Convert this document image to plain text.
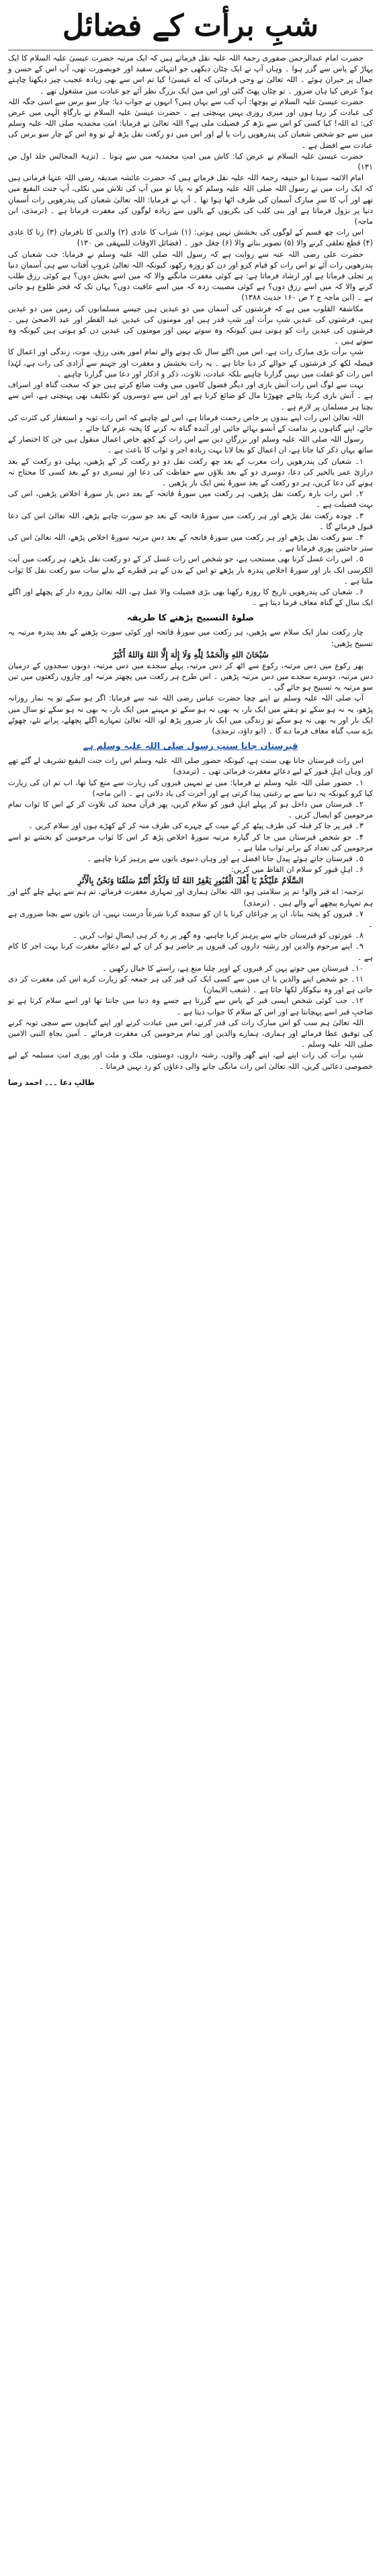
شبِ برأت کے فضائل

حضرت امام عبدالرحمن صفوری رحمۃ اللہ علیہ نقل فرماتے ہیں کہ ایک مرتبہ حضرت عیسیٰ علیہ السلام کا ایک پہاڑ کے پاس سے گزر ہوا ۔ وہاں آپ نے ایک چٹان دیکھی جو انتہائی سفید اور خوبصورت تھی، آپ اس کے حسن و جمال پر حیران ہوئے ۔ اللہ تعالیٰ نے وحی فرمائی کہ اے عیسیٰ! کیا تم اس سے بھی زیادہ عجیب چیز دیکھنا چاہتے ہو؟ عرض کیا ہاں ضرور ۔ تو چٹان پھٹ گئی اور اس میں ایک بزرگ نظر آئے جو عبادت میں مشغول تھے ۔

حضرت عیسیٰ علیہ السلام نے پوچھا: آپ کب سے یہاں ہیں؟ انہوں نے جواب دیا: چار سو برس سے اسی جگہ اللہ کی عبادت کر رہا ہوں اور میری روزی یہیں پہنچتی ہے ۔ حضرت عیسیٰ علیہ السلام نے بارگاہِ الٰہی میں عرض کی: اے اللہ! کیا کسی کو اس سے بڑھ کر فضیلت ملی ہے؟ اللہ تعالیٰ نے فرمایا: امتِ محمدیہ صلی اللہ علیہ وسلم میں سے جو شخص شعبان کی پندرھویں رات پا لے اور اس میں دو رکعت نفل پڑھ لے تو وہ اس کے چار سو برس کی عبادت سے افضل ہے ۔

حضرت عیسیٰ علیہ السلام نے عرض کیا: کاش میں امتِ محمدیہ میں سے ہوتا ۔ (نزہۃ المجالس جلد اول ص ۱۳۱)

امام الائمہ سیدنا ابو حنیفہ رحمۃ اللہ علیہ نقل فرماتے ہیں کہ حضرت عائشہ صدیقہ رضی اللہ عنہا فرماتی ہیں کہ ایک رات میں نے رسول اللہ صلی اللہ علیہ وسلم کو نہ پایا تو میں آپ کی تلاش میں نکلی، آپ جنت البقیع میں تھے اور آپ کا سرِ مبارک آسمان کی طرف اٹھا ہوا تھا ۔ آپ نے فرمایا: اللہ تعالیٰ شعبان کی پندرھویں رات آسمانِ دنیا پر نزول فرماتا ہے اور بنی کلب کی بکریوں کے بالوں سے زیادہ لوگوں کی مغفرت فرماتا ہے ۔ (ترمذی، ابن ماجہ)

اس رات چھ قسم کے لوگوں کی بخشش نہیں ہوتی: (۱) شراب کا عادی (۲) والدین کا نافرمان (۳) زنا کا عادی (۴) قطع تعلقی کرنے والا (۵) تصویر بنانے والا (۶) چغل خور ۔ (فضائل الاوقات للبیہقی ص ۱۳۰)

حضرت علی رضی اللہ عنہ سے روایت ہے کہ رسول اللہ صلی اللہ علیہ وسلم نے فرمایا: جب شعبان کی پندرھویں رات آئے تو اس رات کو قیام کرو اور دن کو روزہ رکھو، کیونکہ اللہ تعالیٰ غروبِ آفتاب سے ہی آسمانِ دنیا پر تجلی فرماتا ہے اور ارشاد فرماتا ہے: ہے کوئی مغفرت مانگنے والا کہ میں اسے بخش دوں؟ ہے کوئی رزق طلب کرنے والا کہ میں اسے رزق دوں؟ ہے کوئی مصیبت زدہ کہ میں اسے عافیت دوں؟ یہاں تک کہ فجر طلوع ہو جاتی ہے ۔ (ابن ماجہ ج ۲ ص ۱۶۰ حدیث ۱۳۸۸)

مکاشفۃ القلوب میں ہے کہ فرشتوں کی آسمان میں دو عیدیں ہیں جیسے مسلمانوں کی زمین میں دو عیدیں ہیں، فرشتوں کی عیدیں شبِ برأت اور شبِ قدر ہیں اور مومنوں کی عیدیں عید الفطر اور عید الاضحیٰ ہیں ۔ فرشتوں کی عیدیں رات کو ہوتی ہیں کیونکہ وہ سوتے نہیں اور مومنوں کی عیدیں دن کو ہوتی ہیں کیونکہ وہ سوتے ہیں ۔

شبِ برأت بڑی مبارک رات ہے، اس میں اگلے سال تک ہونے والے تمام امور یعنی رزق، موت، زندگی اور اعمال کا فیصلہ لکھ کر فرشتوں کے حوالے کر دیا جاتا ہے ۔ یہ رات بخشش و مغفرت اور جہنم سے آزادی کی رات ہے، لہٰذا اس رات کو غفلت میں نہیں گزارنا چاہیے بلکہ عبادت، تلاوت، ذکر و اذکار اور دعا میں گزارنا چاہیے ۔

بہت سے لوگ اس رات آتش بازی اور دیگر فضول کاموں میں وقت ضائع کرتے ہیں جو کہ سخت گناہ اور اسراف ہے ۔ آتش بازی کرنا، پٹاخے چھوڑنا مال کو ضائع کرنا ہے اور اس سے دوسروں کو تکلیف بھی پہنچتی ہے، اس سے بچنا ہر مسلمان پر لازم ہے ۔

اللہ تعالیٰ اس رات اپنے بندوں پر خاص رحمت فرماتا ہے، اس لیے چاہیے کہ اس رات توبہ و استغفار کی کثرت کی جائے، اپنے گناہوں پر ندامت کے آنسو بہائے جائیں اور آئندہ گناہ نہ کرنے کا پختہ عزم کیا جائے ۔

رسول اللہ صلی اللہ علیہ وسلم اور بزرگانِ دین سے اس رات کے کچھ خاص اعمال منقول ہیں جن کا اختصار کے ساتھ یہاں ذکر کیا جاتا ہے، ان اعمال کو بجا لانا بہت زیادہ اجر و ثواب کا باعث ہے ۔

۱۔ شعبان کی پندرھویں رات مغرب کے بعد چھ رکعت نفل دو دو رکعت کر کے پڑھیں، پہلی دو رکعت کے بعد درازیٔ عمر بالخیر کی دعا، دوسری دو کے بعد بلاؤں سے حفاظت کی دعا اور تیسری دو کے بعد کسی کا محتاج نہ ہونے کی دعا کریں، ہر دو رکعت کے بعد سورۂ یٰس ایک بار پڑھیں ۔

۲۔ اس رات بارہ رکعت نفل پڑھیں، ہر رکعت میں سورۂ فاتحہ کے بعد دس بار سورۂ اخلاص پڑھیں، اس کی بہت فضیلت ہے ۔

۳۔ چودہ رکعت نفل پڑھے اور ہر رکعت میں سورۂ فاتحہ کے بعد جو سورت چاہے پڑھے، اللہ تعالیٰ اس کی دعا قبول فرمائے گا ۔

۴۔ سو رکعت نفل پڑھے اور ہر رکعت میں سورۂ فاتحہ کے بعد دس مرتبہ سورۂ اخلاص پڑھے، اللہ تعالیٰ اس کی ستر حاجتیں پوری فرماتا ہے ۔

۵۔ اس رات غسل کرنا بھی مستحب ہے، جو شخص اس رات غسل کر کے دو رکعت نفل پڑھے، ہر رکعت میں آیت الکرسی ایک بار اور سورۂ اخلاص پندرہ بار پڑھے تو اس کے بدن کے ہر قطرے کے بدلے سات سو رکعت نفل کا ثواب ملتا ہے ۔

۶۔ شعبان کی پندرھویں تاریخ کا روزہ رکھنا بھی بڑی فضیلت والا عمل ہے، اللہ تعالیٰ روزہ دار کے پچھلے اور اگلے ایک سال کے گناہ معاف فرما دیتا ہے ۔

صلوۃ التسبیح پڑھنے کا طریقہ

چار رکعت نماز ایک سلام سے پڑھیں، ہر رکعت میں سورۂ فاتحہ اور کوئی سورت پڑھنے کے بعد پندرہ مرتبہ یہ تسبیح پڑھیں:

سُبْحَانَ اللهِ وَالْحَمْدُ لِلّٰهِ وَلَا إِلٰهَ إِلَّا اللهُ وَاللهُ أَكْبَرُ

پھر رکوع میں دس مرتبہ، رکوع سے اٹھ کر دس مرتبہ، پہلے سجدے میں دس مرتبہ، دونوں سجدوں کے درمیان دس مرتبہ، دوسرے سجدے میں دس مرتبہ پڑھیں ۔ اس طرح ہر رکعت میں پچھتر مرتبہ اور چاروں رکعتوں میں تین سو مرتبہ یہ تسبیح ہو جائے گی ۔

آپ صلی اللہ علیہ وسلم نے اپنے چچا حضرت عباس رضی اللہ عنہ سے فرمایا: اگر ہو سکے تو یہ نماز روزانہ پڑھو، یہ نہ ہو سکے تو ہفتے میں ایک بار، یہ بھی نہ ہو سکے تو مہینے میں ایک بار، یہ بھی نہ ہو سکے تو سال میں ایک بار اور یہ بھی نہ ہو سکے تو زندگی میں ایک بار ضرور پڑھ لو، اللہ تعالیٰ تمہارے اگلے پچھلے، پرانے نئے، چھوٹے بڑے سب گناہ معاف فرما دے گا ۔ (ابو داؤد، ترمذی)

قبرستان جانا سنتِ رسول صلی اللہ علیہ وسلم ہے

اس رات قبرستان جانا بھی سنت ہے، کیونکہ حضور صلی اللہ علیہ وسلم اس رات جنت البقیع تشریف لے گئے تھے اور وہاں اہلِ قبور کے لیے دعائے مغفرت فرمائی تھی ۔ (ترمذی)

۱۔ حضور صلی اللہ علیہ وسلم نے فرمایا: میں نے تمہیں قبروں کی زیارت سے منع کیا تھا، اب تم ان کی زیارت کیا کرو کیونکہ یہ دنیا سے بے رغبتی پیدا کرتی ہے اور آخرت کی یاد دلاتی ہے ۔ (ابن ماجہ)

۲۔ قبرستان میں داخل ہو کر پہلے اہلِ قبور کو سلام کریں، پھر قرآن مجید کی تلاوت کر کے اس کا ثواب تمام مرحومین کو ایصال کریں ۔

۳۔ قبر پر جا کر قبلہ کی طرف پیٹھ کر کے میت کے چہرے کی طرف منہ کر کے کھڑے ہوں اور سلام کریں ۔

۴۔ جو شخص قبرستان میں جا کر گیارہ مرتبہ سورۂ اخلاص پڑھ کر اس کا ثواب مرحومین کو بخشے تو اسے مرحومین کی تعداد کے برابر ثواب ملتا ہے ۔

۵۔ قبرستان جاتے ہوئے پیدل جانا افضل ہے اور وہاں دنیوی باتوں سے پرہیز کرنا چاہیے ۔

۶۔ اہلِ قبور کو سلام ان الفاظ میں کریں:

السَّلَامُ عَلَيْكُمْ يَا أَهْلَ الْقُبُورِ يَغْفِرُ اللهُ لَنَا وَلَكُمْ أَنْتُمْ سَلَفُنَا وَنَحْنُ بِالْأَثَرِ

ترجمہ: اے قبر والو! تم پر سلامتی ہو، اللہ تعالیٰ ہماری اور تمہاری مغفرت فرمائے، تم ہم سے پہلے چلے گئے اور ہم تمہارے پیچھے آنے والے ہیں ۔ (ترمذی)

۷۔ قبروں کو پختہ بنانا، ان پر چراغاں کرنا یا ان کو سجدہ کرنا شرعاً درست نہیں، ان باتوں سے بچنا ضروری ہے ۔

۸۔ عورتوں کو قبرستان جانے سے پرہیز کرنا چاہیے، وہ گھر پر رہ کر ہی ایصالِ ثواب کریں ۔

۹۔ اپنے مرحوم والدین اور رشتہ داروں کی قبروں پر حاضر ہو کر ان کے لیے دعائے مغفرت کرنا بہت اجر کا کام ہے ۔

۱۰۔ قبرستان میں جوتے پہن کر قبروں کے اوپر چلنا منع ہے، راستے کا خیال رکھیں ۔

۱۱۔ جو شخص اپنے والدین یا ان میں سے کسی ایک کی قبر کی ہر جمعہ کو زیارت کرے اس کی مغفرت کر دی جاتی ہے اور وہ نیکوکار لکھا جاتا ہے ۔ (شعب الایمان)

۱۲۔ جب کوئی شخص ایسی قبر کے پاس سے گزرتا ہے جسے وہ دنیا میں جانتا تھا اور اسے سلام کرتا ہے تو صاحبِ قبر اسے پہچانتا ہے اور اس کے سلام کا جواب دیتا ہے ۔

اللہ تعالیٰ ہم سب کو اس مبارک رات کی قدر کرنے، اس میں عبادت کرنے اور اپنے گناہوں سے سچی توبہ کرنے کی توفیق عطا فرمائے اور ہماری، ہمارے والدین اور تمام مرحومین کی مغفرت فرمائے ۔ آمین بجاہِ النبی الامین صلی اللہ علیہ وسلم ۔

شبِ برأت کی رات اپنے لیے، اپنے گھر والوں، رشتہ داروں، دوستوں، ملک و ملت اور پوری امتِ مسلمہ کے لیے خصوصی دعائیں کریں، اللہ تعالیٰ اس رات مانگی جانے والی دعاؤں کو رد نہیں فرماتا ۔

طالبِ دعا ۔۔۔ احمد رضا
